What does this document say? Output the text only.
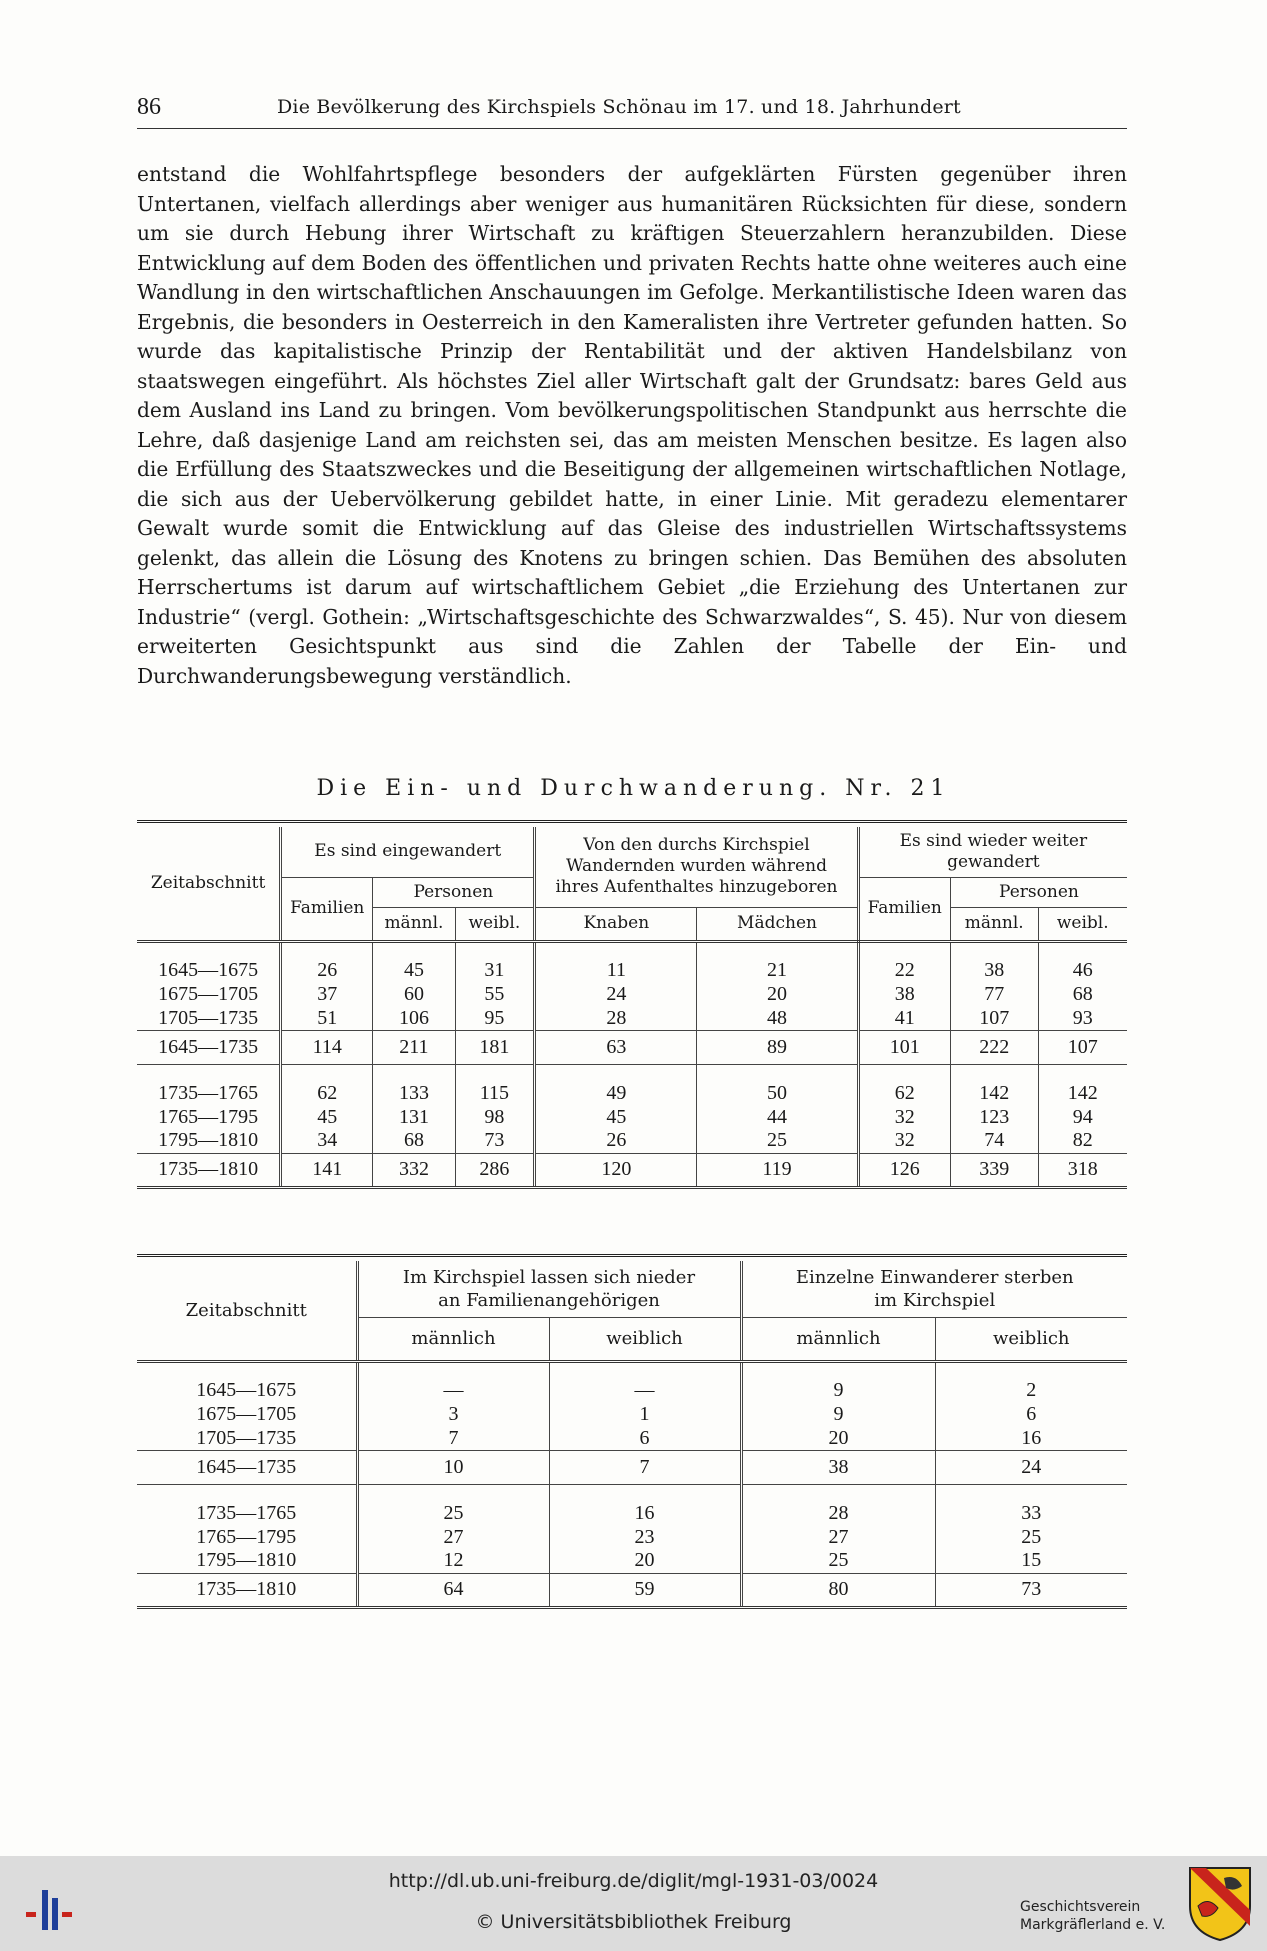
86	Die Bevölkerung des Kirchspiels Schönau im 17. und 18. Jahrhundert

entstand die Wohlfahrtspflege besonders der aufgeklärten Fürsten gegenüber ihren Untertanen, vielfach allerdings aber weniger aus humanitären Rücksichten für diese, sondern um sie durch Hebung ihrer Wirtschaft zu kräftigen Steuerzahlern heranzubilden. Diese Entwicklung auf dem Boden des öffentlichen und privaten Rechts hatte ohne weiteres auch eine Wandlung in den wirtschaftlichen Anschauungen im Gefolge. Merkantilistische Ideen waren das Ergebnis, die besonders in Oesterreich in den Kameralisten ihre Vertreter gefunden hatten. So wurde das kapitalistische Prinzip der Rentabilität und der aktiven Handelsbilanz von staatswegen eingeführt. Als höchstes Ziel aller Wirtschaft galt der Grundsatz: bares Geld aus dem Ausland ins Land zu bringen. Vom bevölkerungspolitischen Standpunkt aus herrschte die Lehre, daß dasjenige Land am reichsten sei, das am meisten Menschen besitze. Es lagen also die Erfüllung des Staatszweckes und die Beseitigung der allgemeinen wirtschaftlichen Notlage, die sich aus der Uebervölkerung gebildet hatte, in einer Linie. Mit geradezu elementarer Gewalt wurde somit die Entwicklung auf das Gleise des industriellen Wirtschaftssystems gelenkt, das allein die Lösung des Knotens zu bringen schien. Das Bemühen des absoluten Herrschertums ist darum auf wirtschaftlichem Gebiet „die Erziehung des Untertanen zur Industrie“ (vergl. Gothein: „Wirtschaftsgeschichte des Schwarzwaldes“, S. 45). Nur von diesem erweiterten Gesichtspunkt aus sind die Zahlen der Tabelle der Ein- und Durchwanderungsbewegung verständlich.

Die Ein- und Durchwanderung. Nr. 21

Zeitabschnitt	Es sind eingewandert			Von den durchs Kirchspiel Wandernden wurden während ihres Aufenthaltes hinzugeboren		Es sind wieder weiter gewandert		
	Familien	Personen				Familien	Personen	
		männl.	weibl.	Knaben	Mädchen		männl.	weibl.

1645—1675	26	45	31	11	21	22	38	46
1675—1705	37	60	55	24	20	38	77	68
1705—1735	51	106	95	28	48	41	107	93
1645—1735	114	211	181	63	89	101	222	107

1735—1765	62	133	115	49	50	62	142	142
1765—1795	45	131	98	45	44	32	123	94
1795—1810	34	68	73	26	25	32	74	82
1735—1810	141	332	286	120	119	126	339	318

Zeitabschnitt	Im Kirchspiel lassen sich nieder an Familienangehörigen		Einzelne Einwanderer sterben im Kirchspiel	
	männlich	weiblich	männlich	weiblich

1645—1675	—	—	9	2
1675—1705	3	1	9	6
1705—1735	7	6	20	16
1645—1735	10	7	38	24

1735—1765	25	16	28	33
1765—1795	27	23	27	25
1795—1810	12	20	25	15
1735—1810	64	59	80	73
http://dl.ub.uni-freiburg.de/diglit/mgl-1931-03/0024
© Universitätsbibliothek Freiburg
Geschichtsverein
Markgräflerland e. V.
